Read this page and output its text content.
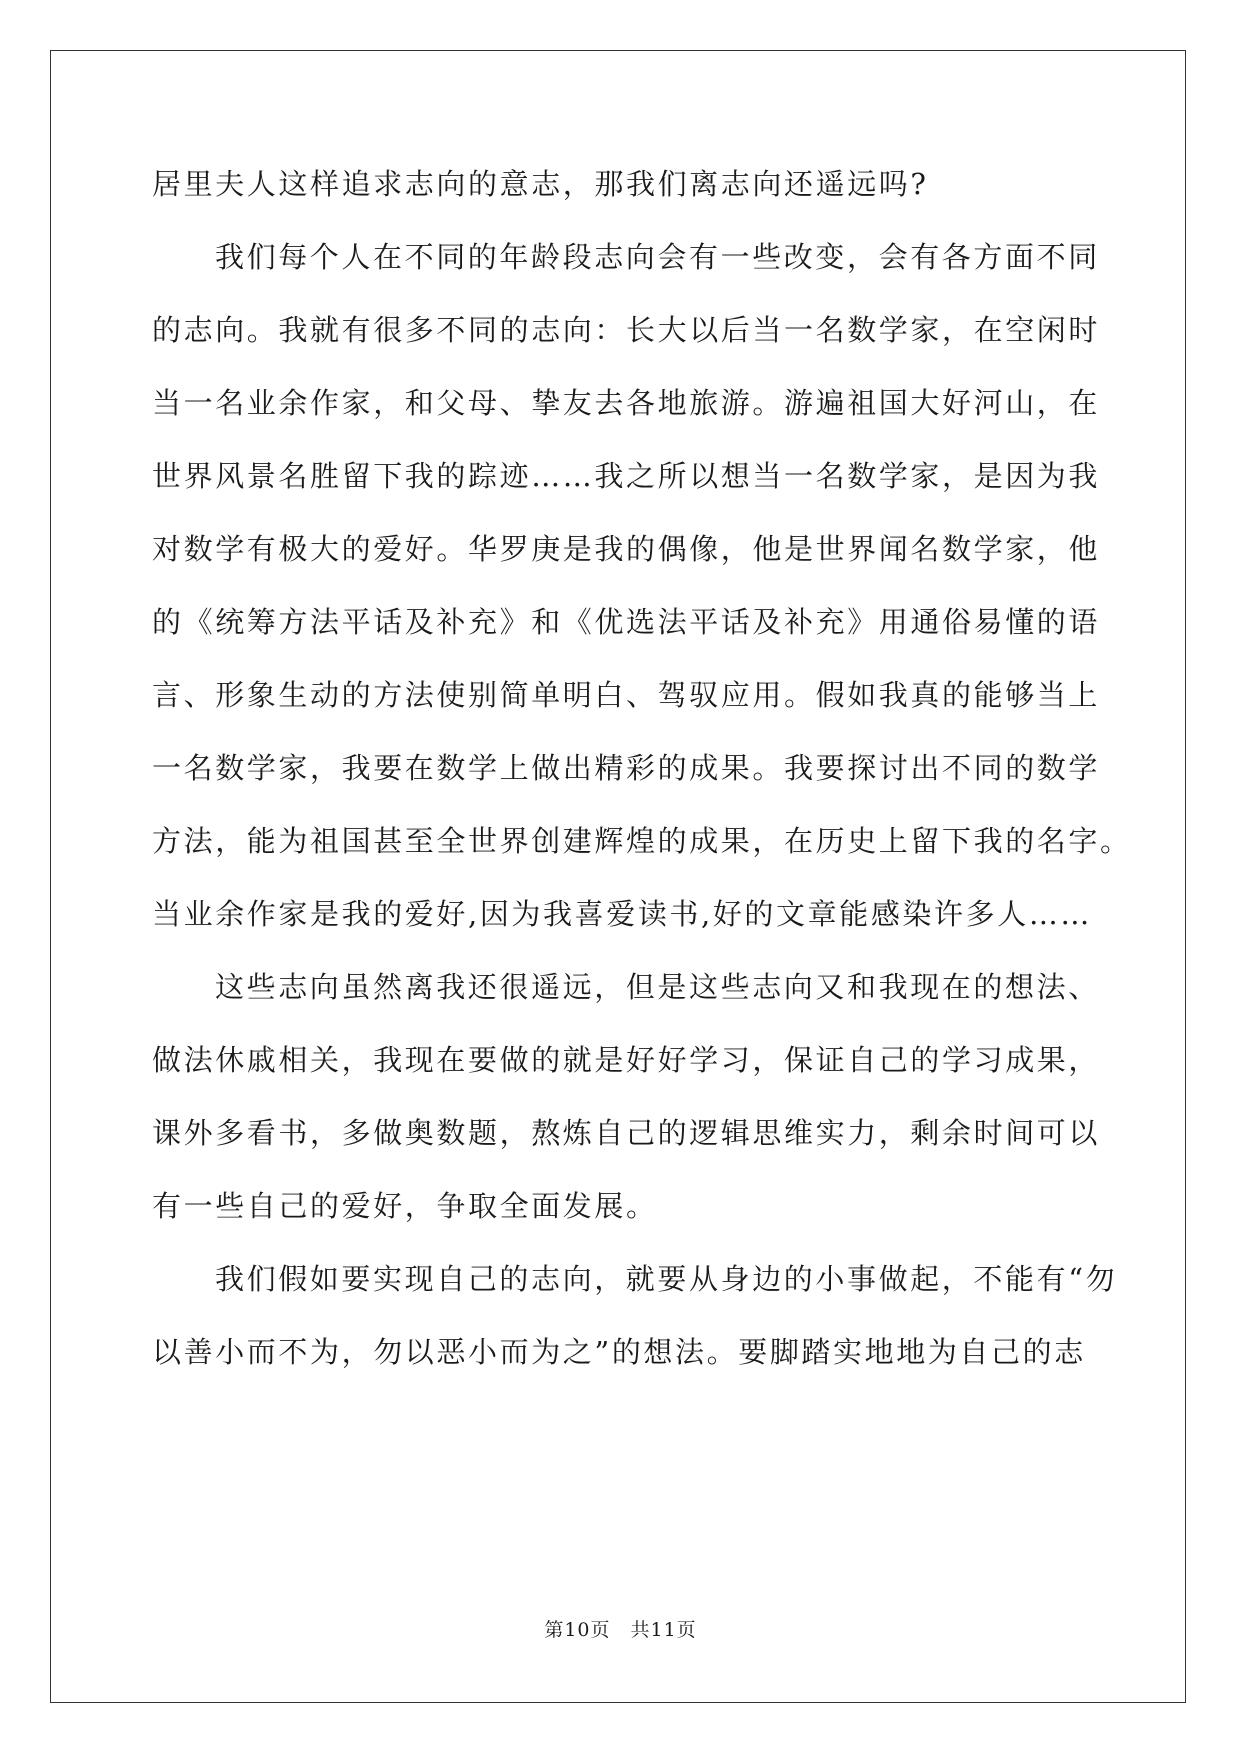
居里夫人这样追求志向的意志，那我们离志向还遥远吗?
我们每个人在不同的年龄段志向会有一些改变，会有各方面不同
的志向。我就有很多不同的志向：长大以后当一名数学家，在空闲时
当一名业余作家，和父母、挚友去各地旅游。游遍祖国大好河山，在
世界风景名胜留下我的踪迹……我之所以想当一名数学家，是因为我
对数学有极大的爱好。华罗庚是我的偶像，他是世界闻名数学家，他
的《统筹方法平话及补充》和《优选法平话及补充》用通俗易懂的语
言、形象生动的方法使别简单明白、驾驭应用。假如我真的能够当上
一名数学家，我要在数学上做出精彩的成果。我要探讨出不同的数学
方法，能为祖国甚至全世界创建辉煌的成果，在历史上留下我的名字。
当业余作家是我的爱好,因为我喜爱读书,好的文章能感染许多人……
这些志向虽然离我还很遥远，但是这些志向又和我现在的想法、
做法休戚相关，我现在要做的就是好好学习，保证自己的学习成果，
课外多看书，多做奥数题，熬炼自己的逻辑思维实力，剩余时间可以
有一些自己的爱好，争取全面发展。
我们假如要实现自己的志向，就要从身边的小事做起，不能有“勿
以善小而不为，勿以恶小而为之”的想法。要脚踏实地地为自己的志
第10页 共11页
